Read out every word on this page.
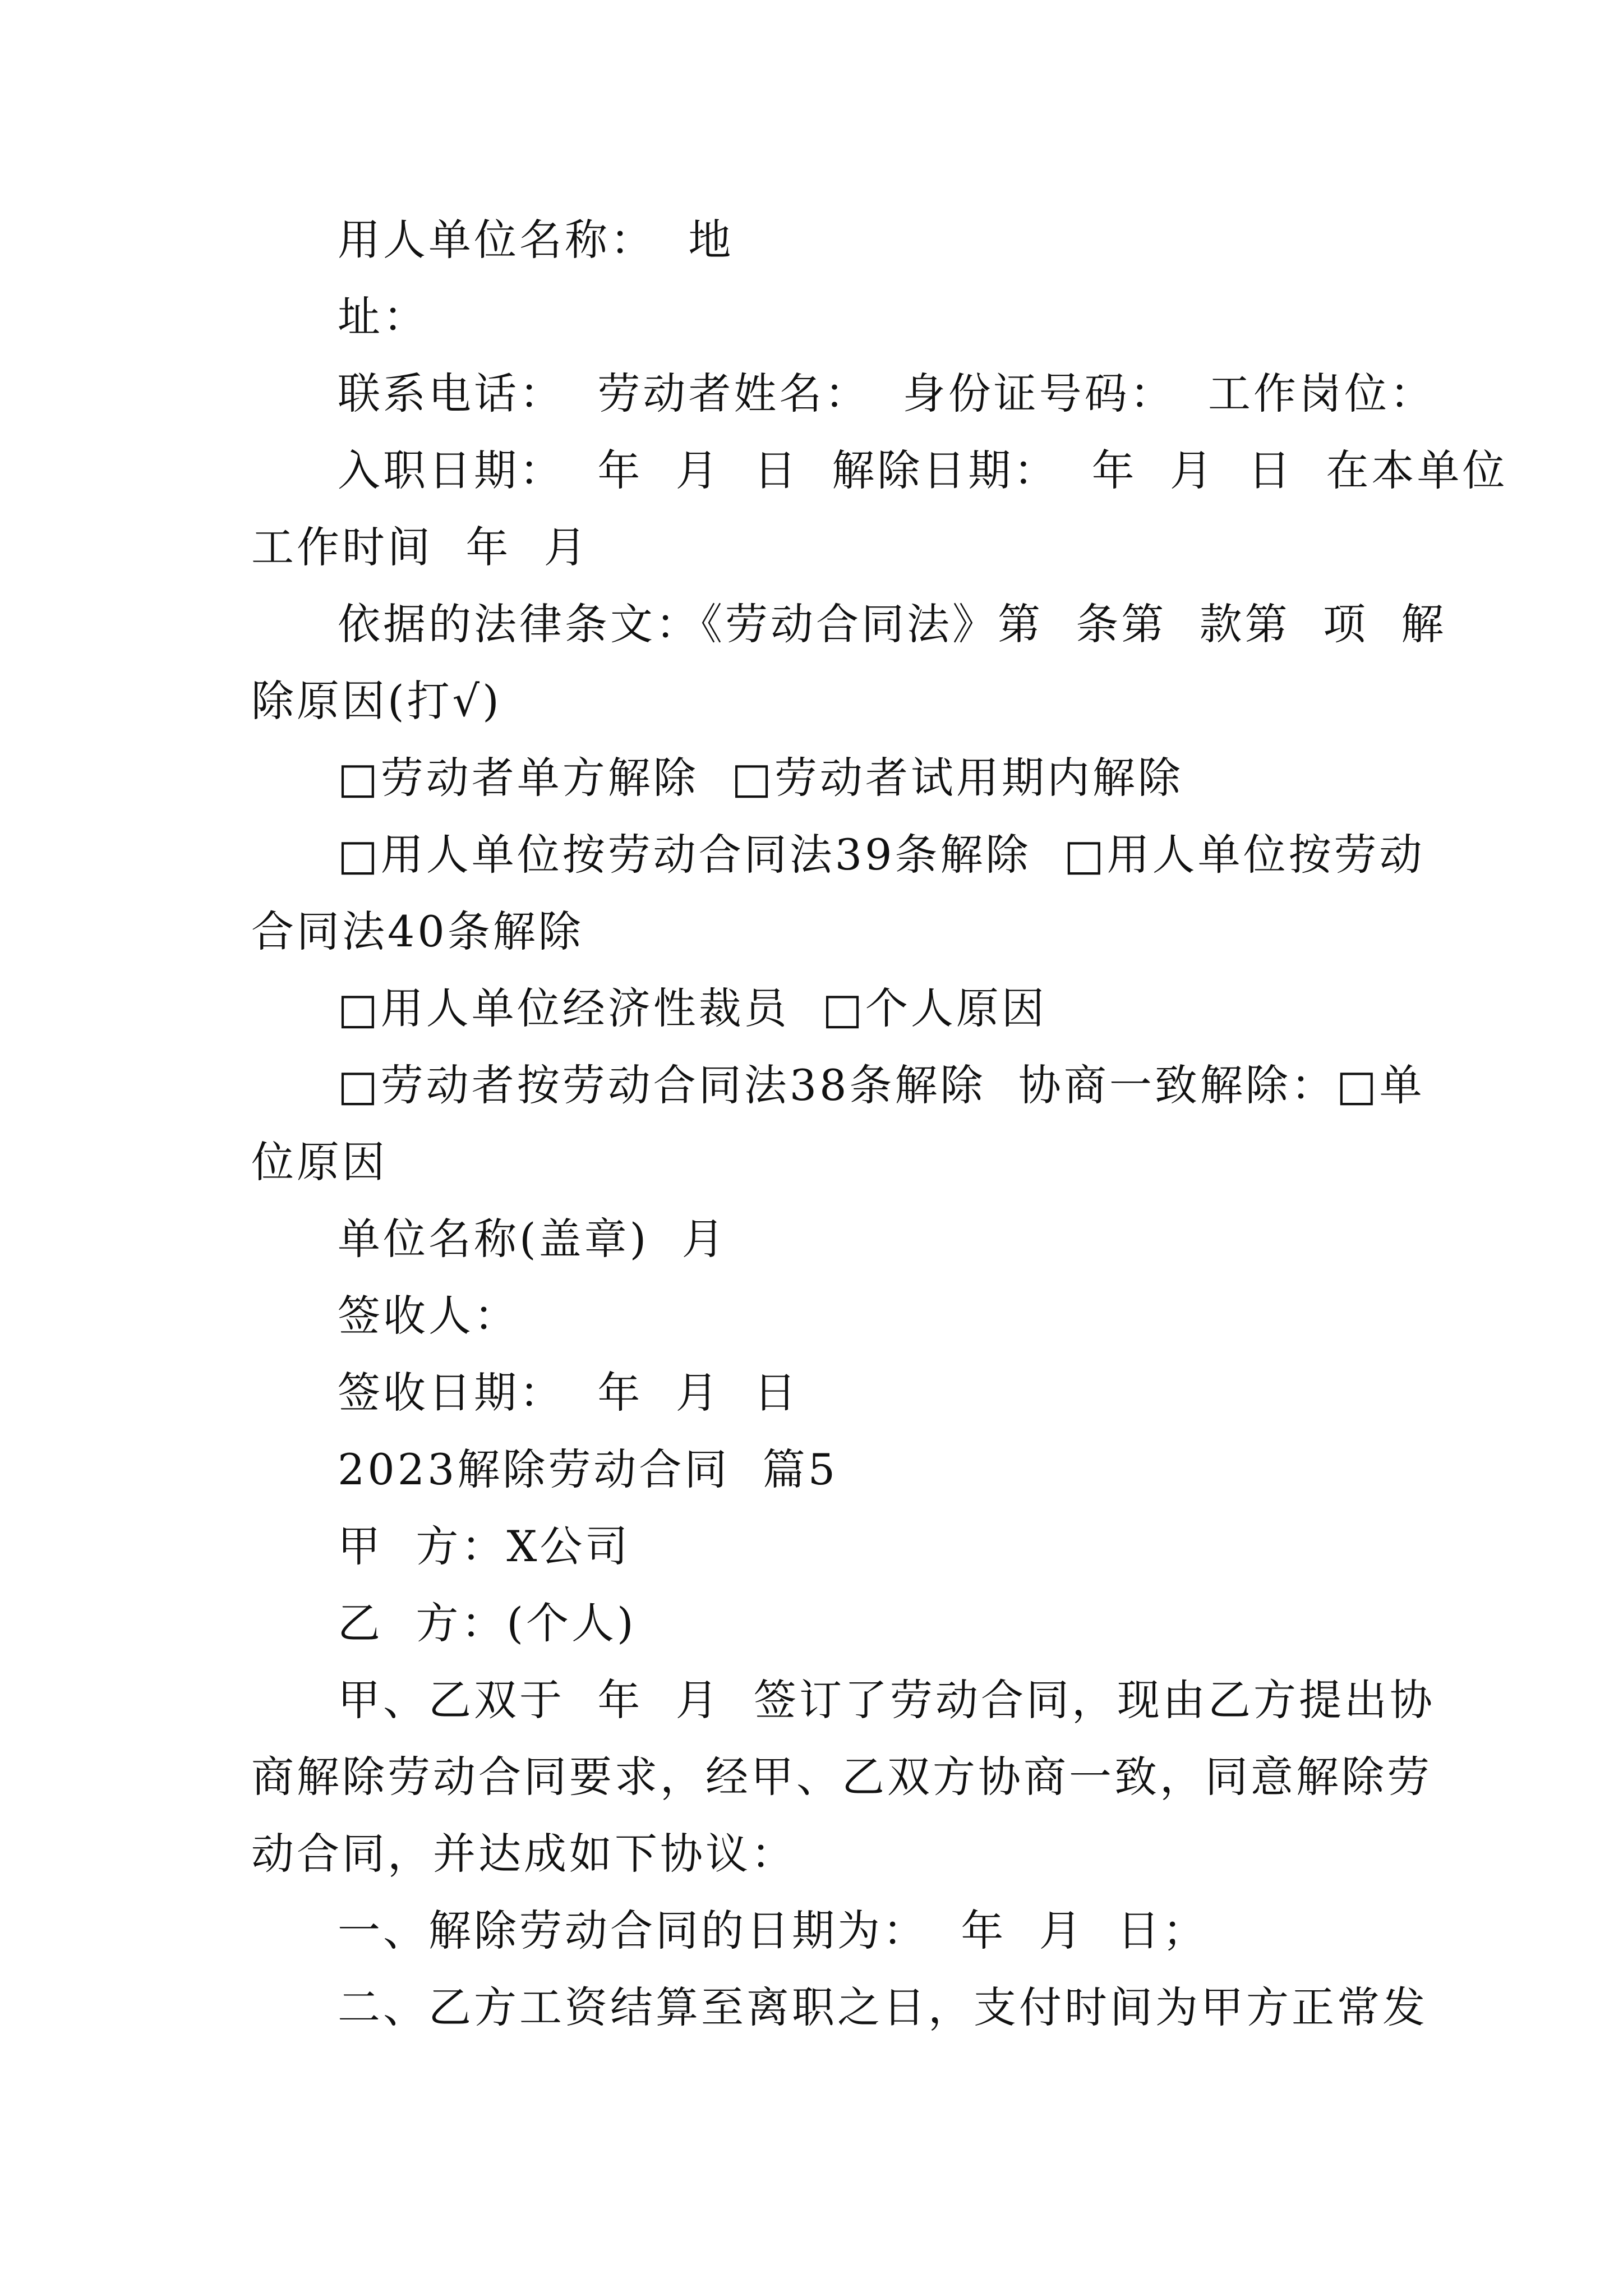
用人单位名称：  地
址：
联系电话：  劳动者姓名：  身份证号码：  工作岗位：
入职日期：  年  月  日  解除日期：  年  月  日  在本单位
工作时间  年  月
依据的法律条文：《劳动合同法》第  条第  款第  项  解
除原因(打√)
□劳动者单方解除  □劳动者试用期内解除
□用人单位按劳动合同法39条解除  □用人单位按劳动
合同法40条解除
□用人单位经济性裁员  □个人原因
□劳动者按劳动合同法38条解除  协商一致解除：□单
位原因
单位名称(盖章)  月
签收人：
签收日期：  年  月  日
2023解除劳动合同  篇5
甲  方：X公司
乙  方：(个人)
甲、乙双于  年  月  签订了劳动合同，现由乙方提出协
商解除劳动合同要求，经甲、乙双方协商一致，同意解除劳
动合同，并达成如下协议：
一、解除劳动合同的日期为：  年  月  日；
二、乙方工资结算至离职之日，支付时间为甲方正常发
